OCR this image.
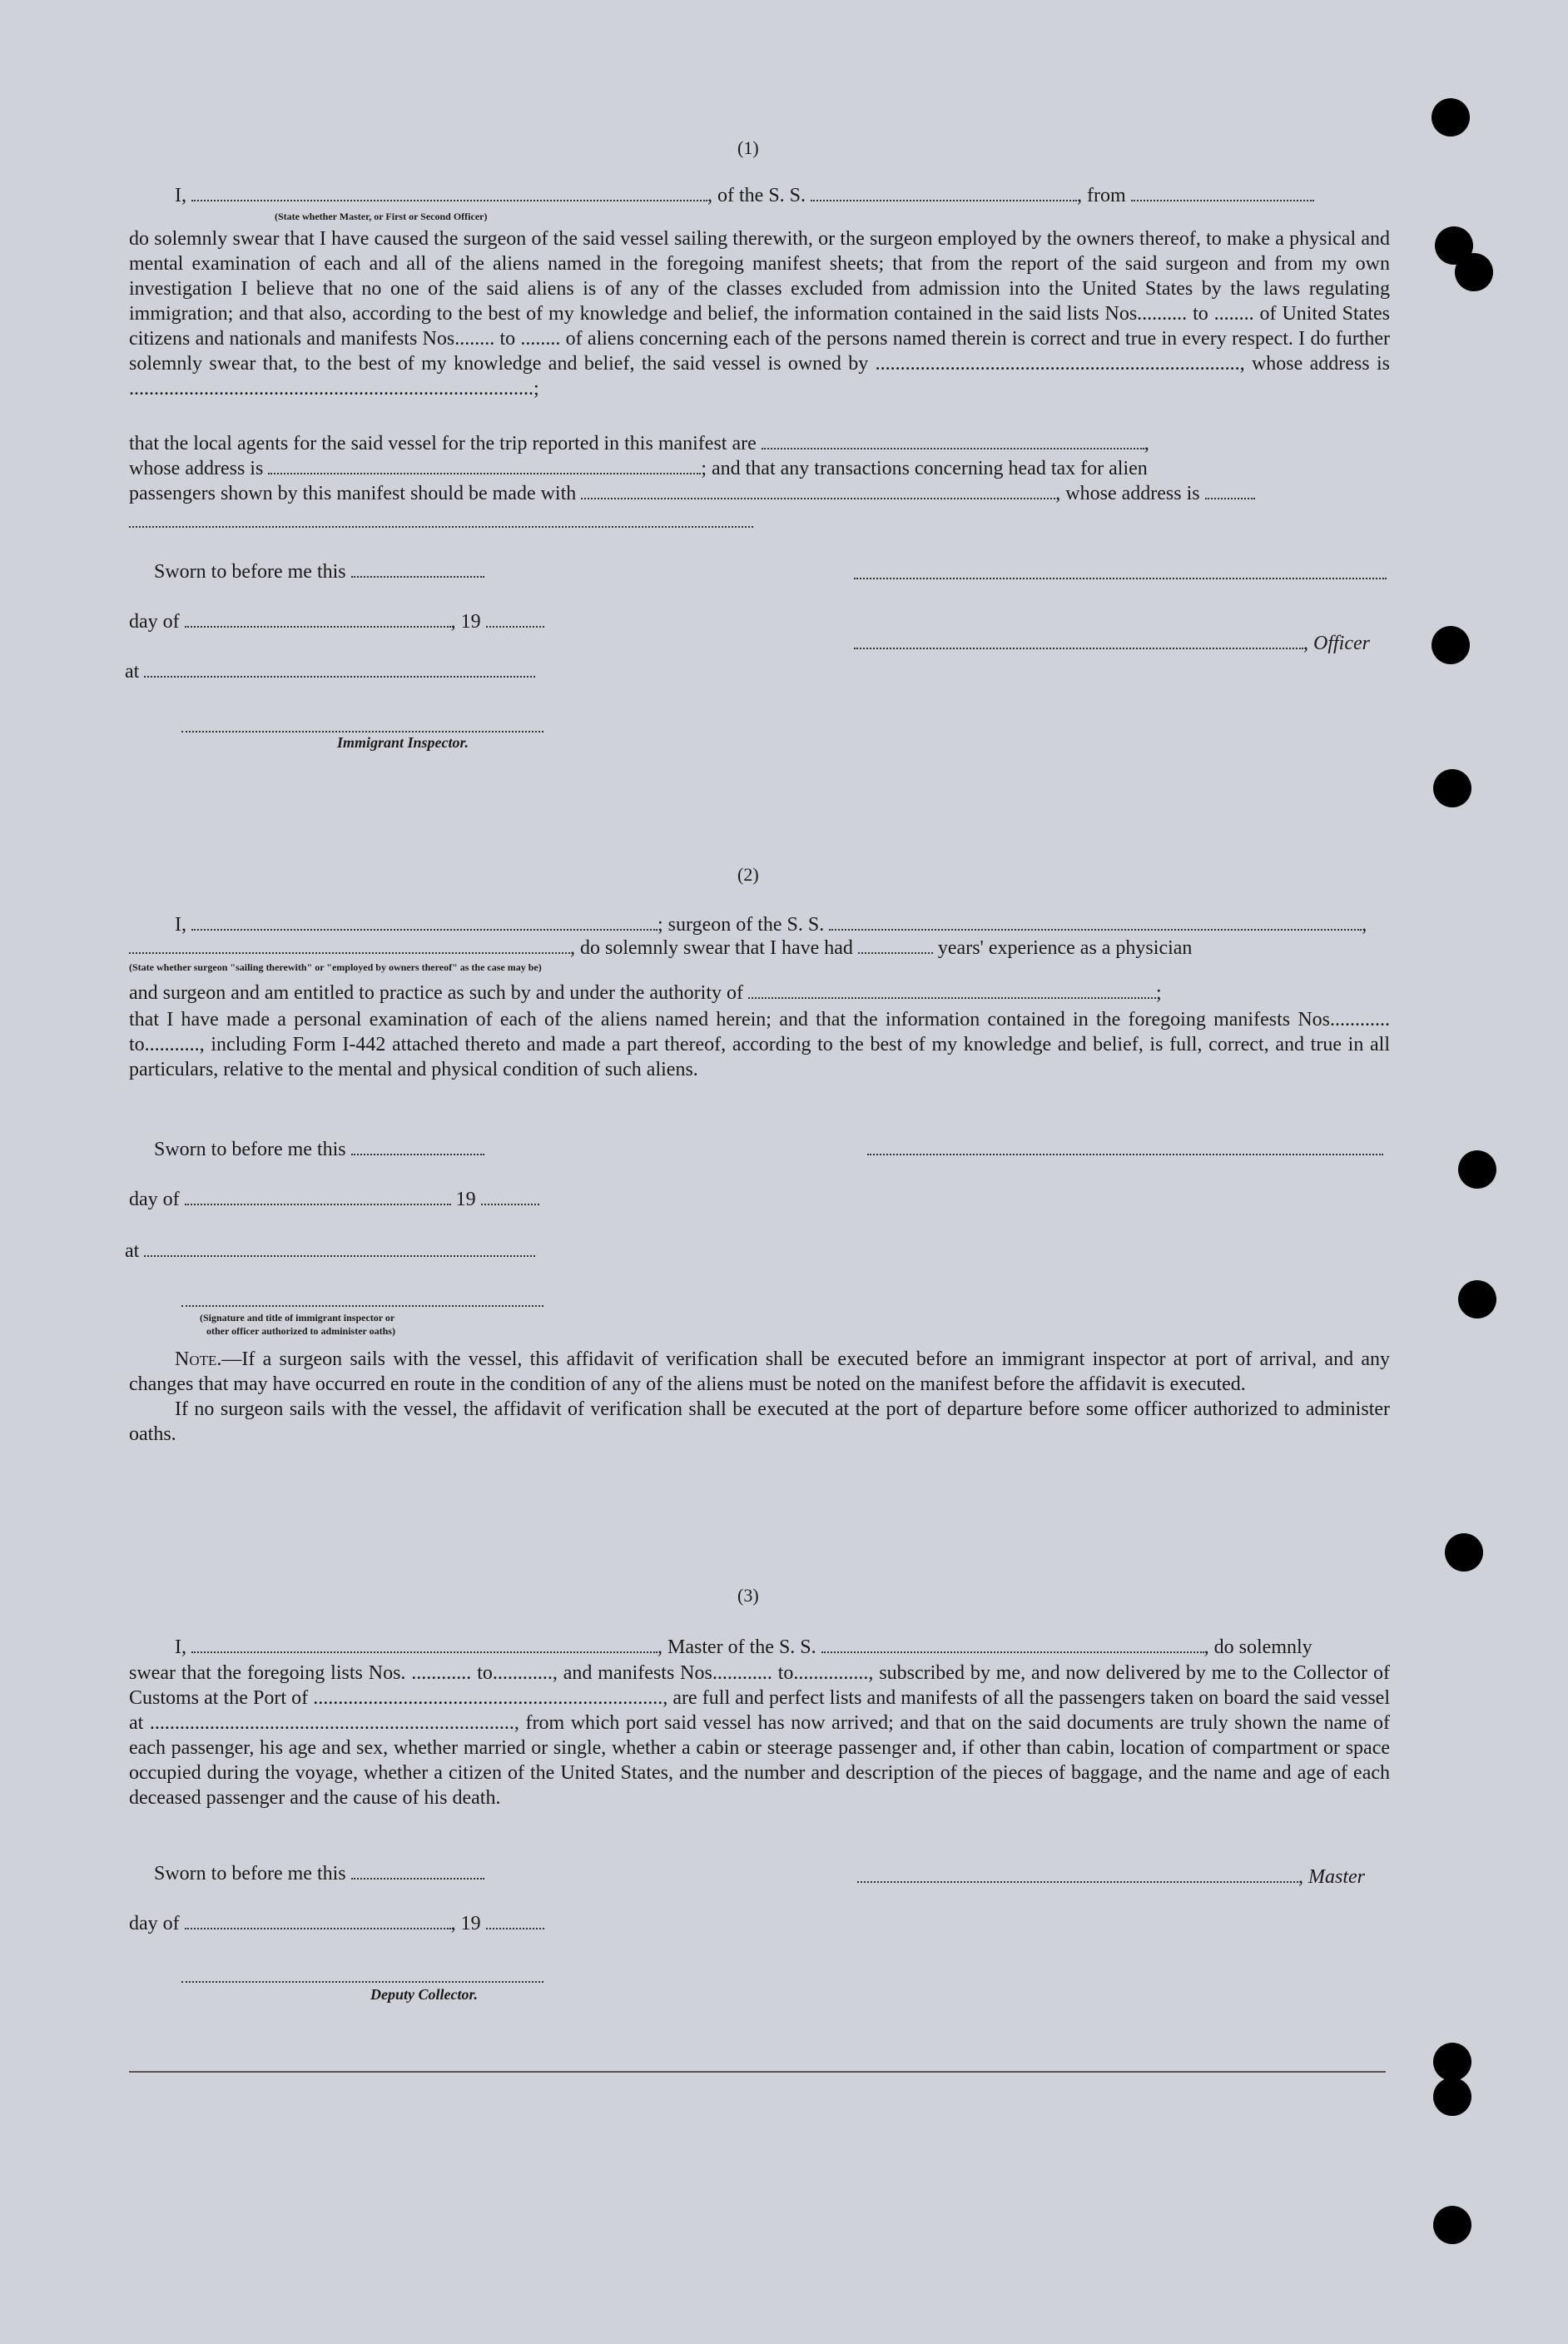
(1)
I,	, of the S. S.	, from
(State whether Master, or First or Second Officer)
do solemnly swear that I have caused the surgeon of the said vessel sailing therewith, or the surgeon employed by the owners thereof, to make a physical and mental examination of each and all of the aliens named in the foregoing manifest sheets; that from the report of the said surgeon and from my own investigation I believe that no one of the said aliens is of any of the classes excluded from admission into the United States by the laws regulating immigration; and that also, according to the best of my knowledge and belief, the information contained in the said lists Nos.......... to ........ of United States citizens and nationals and manifests Nos........ to ........ of aliens concerning each of the persons named therein is correct and true in every respect. I do further solemnly swear that, to the best of my knowledge and belief, the said vessel is owned by ........................................................................., whose address is .................................................................................;
that the local agents for the said vessel for the trip reported in this manifest are	,
whose address is	; and that any transactions concerning head tax for alien
passengers shown by this manifest should be made with	, whose address is
Sworn to before me this
day of	, 19
, Officer
at
Immigrant Inspector.
(2)
I,	; surgeon of the S. S.	,
, do solemnly swear that I have had	years' experience as a physician
(State whether surgeon "sailing therewith" or "employed by owners thereof" as the case may be)
and surgeon and am entitled to practice as such by and under the authority of	;
that I have made a personal examination of each of the aliens named herein; and that the information contained in the foregoing manifests Nos............ to..........., including Form I-442 attached thereto and made a part thereof, according to the best of my knowledge and belief, is full, correct, and true in all particulars, relative to the mental and physical condition of such aliens.
Sworn to before me this
day of	19
at
(Signature and title of immigrant inspector or
other officer authorized to administer oaths)
Note.—If a surgeon sails with the vessel, this affidavit of verification shall be executed before an immigrant inspector at port of arrival, and any changes that may have occurred en route in the condition of any of the aliens must be noted on the manifest before the affidavit is executed.
If no surgeon sails with the vessel, the affidavit of verification shall be executed at the port of departure before some officer authorized to administer oaths.
(3)
I,	, Master of the S. S.	, do solemnly
swear that the foregoing lists Nos. ............ to............, and manifests Nos............ to..............., subscribed by me, and now delivered by me to the Collector of Customs at the Port of ......................................................................, are full and perfect lists and manifests of all the passengers taken on board the said vessel at ........................................................................., from which port said vessel has now arrived; and that on the said documents are truly shown the name of each passenger, his age and sex, whether married or single, whether a cabin or steerage passenger and, if other than cabin, location of compartment or space occupied during the voyage, whether a citizen of the United States, and the number and description of the pieces of baggage, and the name and age of each deceased passenger and the cause of his death.
Sworn to before me this	, Master
day of	, 19
Deputy Collector.
